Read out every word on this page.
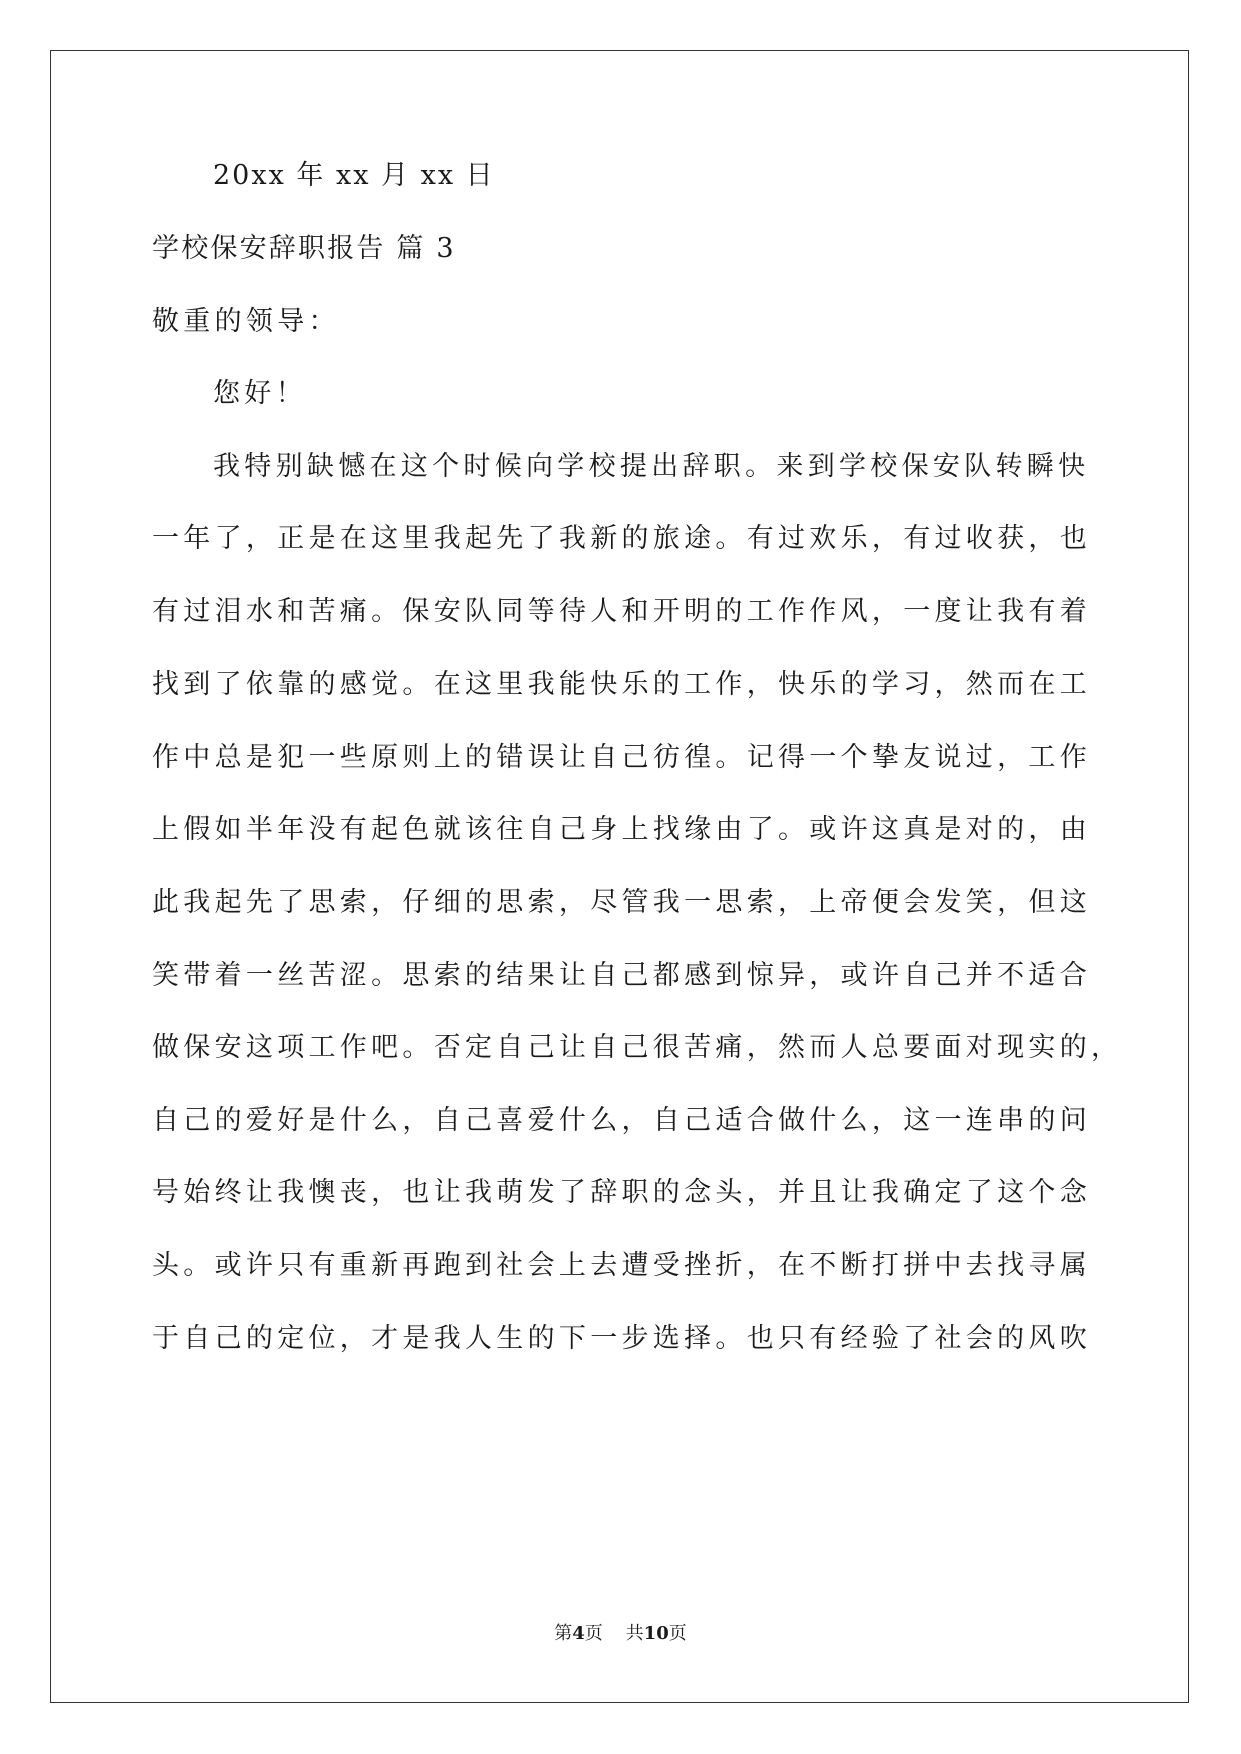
20xx 年 xx 月 xx 日
学校保安辞职报告 篇 3
敬重的领导：
您好！
我特别缺憾在这个时候向学校提出辞职。来到学校保安队转瞬快
一年了，正是在这里我起先了我新的旅途。有过欢乐，有过收获，也
有过泪水和苦痛。保安队同等待人和开明的工作作风，一度让我有着
找到了依靠的感觉。在这里我能快乐的工作，快乐的学习，然而在工
作中总是犯一些原则上的错误让自己彷徨。记得一个挚友说过，工作
上假如半年没有起色就该往自己身上找缘由了。或许这真是对的，由
此我起先了思索，仔细的思索，尽管我一思索，上帝便会发笑，但这
笑带着一丝苦涩。思索的结果让自己都感到惊异，或许自己并不适合
做保安这项工作吧。否定自己让自己很苦痛，然而人总要面对现实的，
自己的爱好是什么，自己喜爱什么，自己适合做什么，这一连串的问
号始终让我懊丧，也让我萌发了辞职的念头，并且让我确定了这个念
头。或许只有重新再跑到社会上去遭受挫折，在不断打拼中去找寻属
于自己的定位，才是我人生的下一步选择。也只有经验了社会的风吹
第4页 共10页
